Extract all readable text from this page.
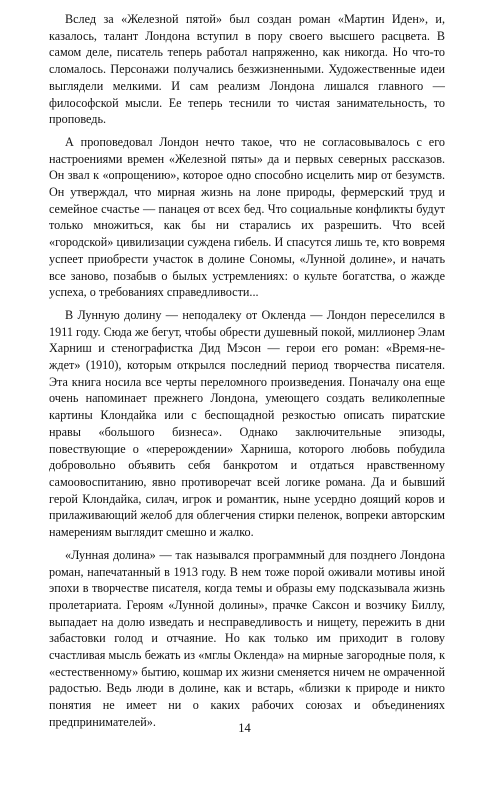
Вслед за «Железной пятой» был создан роман «Мартин Иден», и, казалось, талант Лондона вступил в пору своего высшего расцвета. В самом деле, писатель теперь работал напряженно, как никогда. Но что-то сломалось. Персонажи получались безжизненными. Художественные идеи выглядели мелкими. И сам реализм Лондона лишался главного — философской мысли. Ее теперь теснили то чистая занимательность, то проповедь.

А проповедовал Лондон нечто такое, что не согласовывалось с его настроениями времен «Железной пяты» да и первых северных рассказов. Он звал к «опрощению», которое одно способно исцелить мир от безумств. Он утверждал, что мирная жизнь на лоне природы, фермерский труд и семейное счастье — панацея от всех бед. Что социальные конфликты будут только множиться, как бы ни старались их разрешить. Что всей «городской» цивилизации суждена гибель. И спасутся лишь те, кто вовремя успеет приобрести участок в долине Сономы, «Лунной долине», и начать все заново, позабыв о былых устремлениях: о культе богатства, о жажде успеха, о требованиях справедливости...

В Лунную долину — неподалеку от Окленда — Лондон переселился в 1911 году. Сюда же бегут, чтобы обрести душевный покой, миллионер Элам Харниш и стенографистка Дид Мэсон — герои его роман: «Время-не-ждет» (1910), которым открылся последний период творчества писателя. Эта книга носила все черты переломного произведения. Поначалу она еще очень напоминает прежнего Лондона, умеющего создать великолепные картины Клондайка или с беспощадной резкостью описать пиратские нравы «большого бизнеса». Однако заключительные эпизоды, повествующие о «перерождении» Харниша, которого любовь побудила добровольно объявить себя банкротом и отдаться нравственному самоовоспитанию, явно противоречат всей логике романа. Да и бывший герой Клондайка, силач, игрок и романтик, ныне усердно доящий коров и прилаживающий желоб для облегчения стирки пеленок, вопреки авторским намерениям выглядит смешно и жалко.

«Лунная долина» — так назывался программный для позднего Лондона роман, напечатанный в 1913 году. В нем тоже порой оживали мотивы иной эпохи в творчестве писателя, когда темы и образы ему подсказывала жизнь пролетариата. Героям «Лунной долины», прачке Саксон и возчику Биллу, выпадает на долю изведать и несправедливость и нищету, пережить в дни забастовки голод и отчаяние. Но как только им приходит в голову счастливая мысль бежать из «мглы Окленда» на мирные загородные поля, к «естественному» бытию, кошмар их жизни сменяется ничем не омраченной радостью. Ведь люди в долине, как и встарь, «близки к природе и никто понятия не имеет ни о каких рабочих союзах и объединениях предпринимателей».	14
